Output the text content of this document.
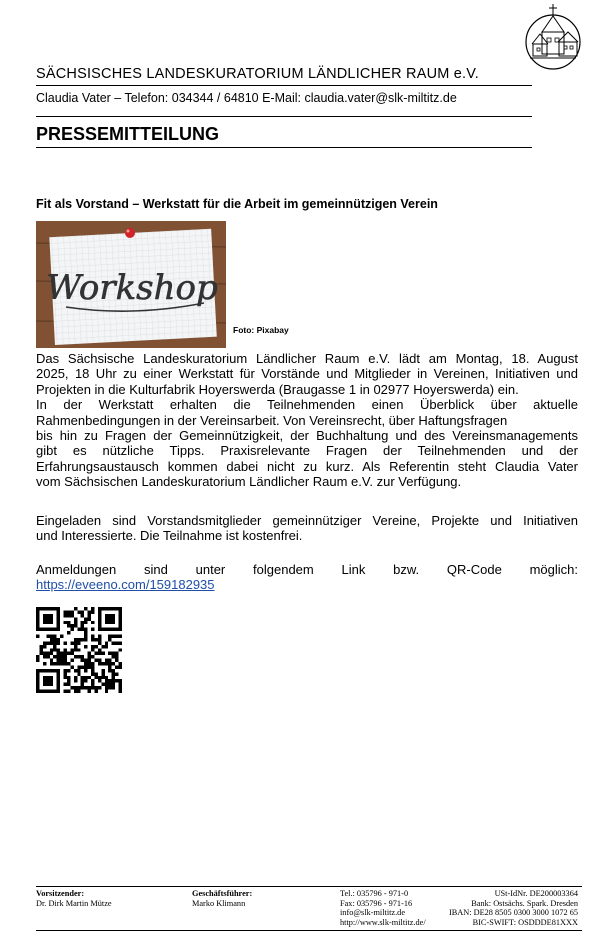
SÄCHSISCHES LANDESKURATORIUM LÄNDLICHER RAUM e.V.
Claudia Vater – Telefon: 034344 / 64810 E-Mail: claudia.vater@slk-miltitz.de
PRESSEMITTEILUNG
Fit als Vorstand – Werkstatt für die Arbeit im gemeinnützigen Verein
Workshop
Foto: Pixabay
Das Sächsische Landeskuratorium Ländlicher Raum e.V. lädt am Montag, 18. August
2025, 18 Uhr zu einer Werkstatt für Vorstände und Mitglieder in Vereinen, Initiativen und
Projekten in die Kulturfabrik Hoyerswerda (Braugasse 1 in 02977 Hoyerswerda) ein.
In der Werkstatt erhalten die Teilnehmenden einen Überblick über aktuelle
Rahmenbedingungen in der Vereinsarbeit. Von Vereinsrecht, über Haftungsfragen
bis hin zu Fragen der Gemeinnützigkeit, der Buchhaltung und des Vereinsmanagements
gibt es nützliche Tipps. Praxisrelevante Fragen der Teilnehmenden und der
Erfahrungsaustausch kommen dabei nicht zu kurz. Als Referentin steht Claudia Vater
vom Sächsischen Landeskuratorium Ländlicher Raum e.V. zur Verfügung.
Eingeladen sind Vorstandsmitglieder gemeinnütziger Vereine, Projekte und Initiativen
und Interessierte. Die Teilnahme ist kostenfrei.
Anmeldungen sind unter folgendem Link bzw. QR-Code möglich:
https://eveeno.com/159182935
Vorsitzender:
Dr. Dirk Martin Mütze
Geschäftsführer:
Marko Klimann
Tel.: 035796 - 971-0
Fax: 035796 - 971-16
info@slk-miltitz.de
http://www.slk-miltitz.de/
USt-IdNr. DE200003364
Bank: Ostsächs. Spark. Dresden
IBAN: DE28 8505 0300 3000 1072 65
BIC-SWIFT: OSDDDE81XXX
